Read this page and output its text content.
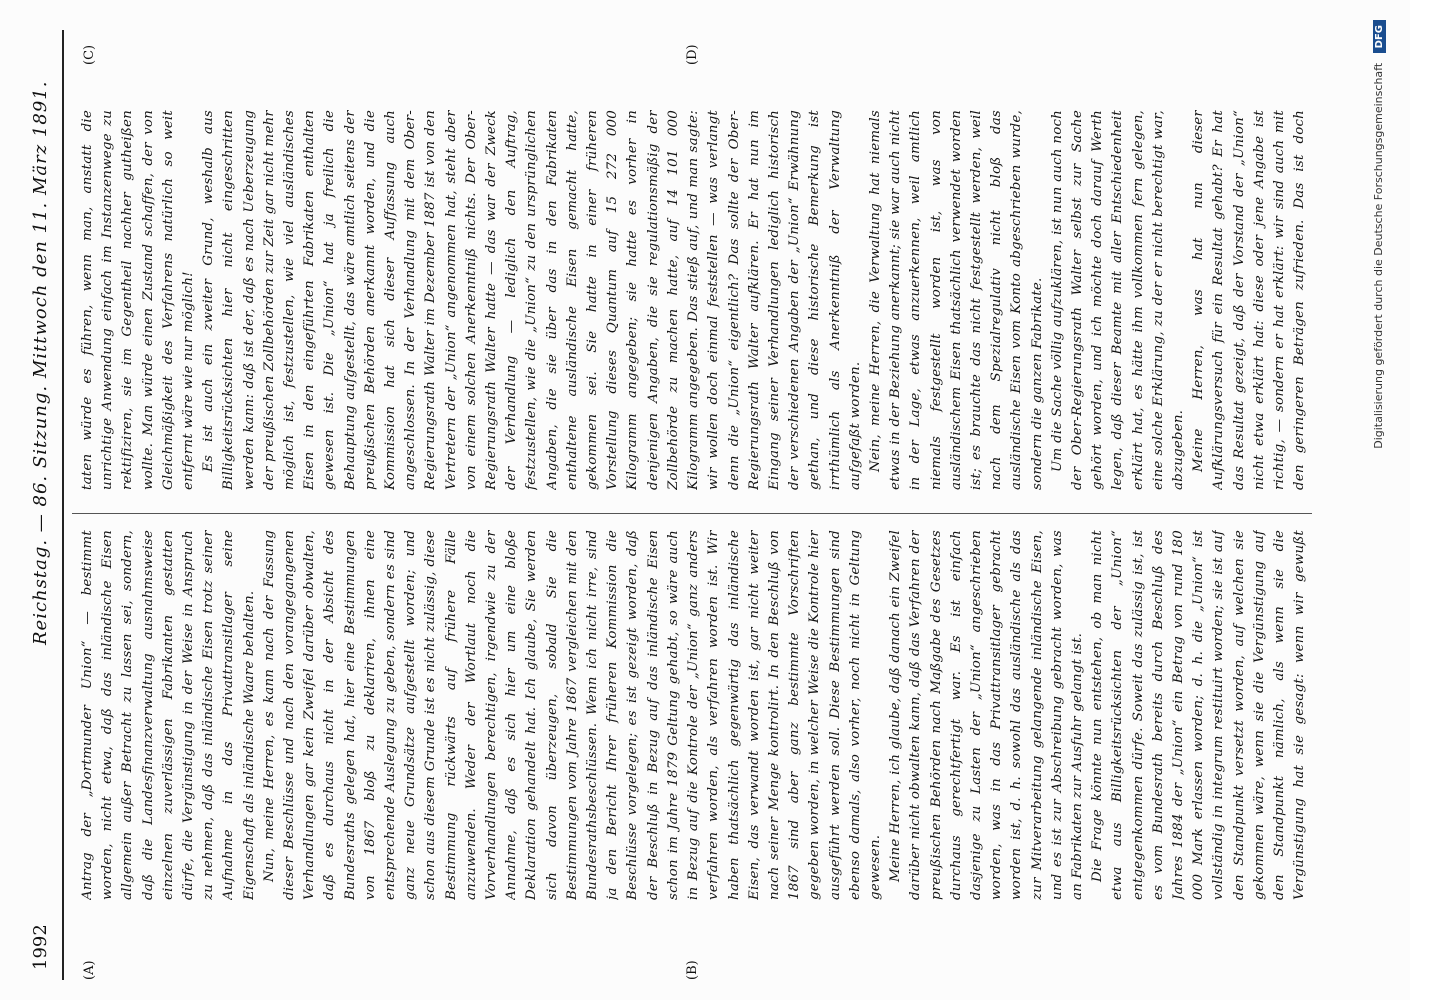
1992
Reichstag. — 86. Sitzung. Mittwoch den 11. März 1891.
(A)	(B)
(C)	(D)

Antrag der „Dortmunder Union“ — bestimmt worden, nicht etwa, daß das inländische Eisen allgemein außer Betracht zu lassen sei, sondern, daß die Landesfinanzverwaltung ausnahmsweise einzelnen zuverlässigen Fabrikanten gestatten dürfe, die Vergünstigung in der Weise in Anspruch zu nehmen, daß das inländische Eisen trotz seiner Aufnahme in das Privattransitlager seine Eigenschaft als inländische Waare behalten. Nun, meine Herren, es kann nach der Fassung dieser Beschlüsse und nach den vorangegangenen Verhandlungen gar kein Zweifel darüber obwalten, daß es durchaus nicht in der Absicht des Bundesraths gelegen hat, hier eine Bestimmungen von 1867 bloß zu deklariren, ihnen eine entsprechende Auslegung zu geben, sondern es sind ganz neue Grundsätze aufgestellt worden; und schon aus diesem Grunde ist es nicht zulässig, diese Bestimmung rückwärts auf frühere Fälle anzuwenden. Weder der Wortlaut noch die Vorverhandlungen berechtigen, irgendwie zu der Annahme, daß es sich hier um eine bloße Deklaration gehandelt hat. Ich glaube, Sie werden sich davon überzeugen, sobald Sie die Bestimmungen vom Jahre 1867 vergleichen mit den Bundesrathsbeschlüssen. Wenn ich nicht irre, sind ja den Bericht Ihrer früheren Kommission die Beschlüsse vorgelegen; es ist gezeigt worden, daß der Beschluß in Bezug auf das inländische Eisen schon im Jahre 1879 Geltung gehabt, so wäre auch in Bezug auf die Kontrole der „Union“ ganz anders verfahren worden, als verfahren worden ist. Wir haben thatsächlich gegenwärtig das inländische Eisen, das verwandt worden ist, gar nicht weiter nach seiner Menge kontrolirt. In den Beschluß von 1867 sind aber ganz bestimmte Vorschriften gegeben worden, in welcher Weise die Kontrole hier ausgeführt werden soll. Diese Bestimmungen sind ebenso damals, also vorher, noch nicht in Geltung gewesen. Meine Herren, ich glaube, daß danach ein Zweifel darüber nicht obwalten kann, daß das Verfahren der preußischen Behörden nach Maßgabe des Gesetzes durchaus gerechtfertigt war. Es ist einfach dasjenige zu Lasten der „Union“ angeschrieben worden, was in das Privattransitlager gebracht worden ist, d. h. sowohl das ausländische als das zur Mitverarbeitung gelangende inländische Eisen, und es ist zur Abschreibung gebracht worden, was an Fabrikaten zur Ausfuhr gelangt ist. Die Frage könnte nun entstehen, ob man nicht etwa aus Billigkeitsrücksichten der „Union“ entgegenkommen dürfe. Soweit das zulässig ist, ist es vom Bundesrath bereits durch Beschluß des Jahres 1884 der „Union“ ein Betrag von rund 180 000 Mark erlassen worden; d. h. die „Union“ ist vollständig in integrum restituirt worden; sie ist auf den Standpunkt versetzt worden, auf welchen sie gekommen wäre, wenn sie die Vergünstigung auf den Standpunkt nämlich, als wenn sie die Vergünstigung hat sie gesagt: wenn wir gewußt

taten würde es führen, wenn man, anstatt die unrichtige Anwendung einfach im Instanzenwege zu rektifiziren, sie im Gegentheil nachher gutheißen wollte. Man würde einen Zustand schaffen, der von Gleichmäßigkeit des Verfahrens natürlich so weit entfernt wäre wie nur möglich! Es ist auch ein zweiter Grund, weshalb aus Billigkeitsrücksichten hier nicht eingeschritten werden kann: daß ist der, daß es nach Ueberzeugung der preußischen Zollbehörden zur Zeit gar nicht mehr möglich ist, festzustellen, wie viel ausländisches Eisen in den eingeführten Fabrikaten enthalten gewesen ist. Die „Union“ hat ja freilich die Behauptung aufgestellt, das wäre amtlich seitens der preußischen Behörden anerkannt worden, und die Kommission hat sich dieser Auffassung auch angeschlossen. In der Verhandlung mit dem Ober-Regierungsrath Walter im Dezember 1887 ist von den Vertretern der „Union“ angenommen hat, steht aber von einem solchen Anerkenntniß nichts. Der Ober-Regierungsrath Walter hatte — das war der Zweck der Verhandlung — lediglich den Auftrag, festzustellen, wie die „Union“ zu den ursprünglichen Angaben, die sie über das in den Fabrikaten enthaltene ausländische Eisen gemacht hatte, gekommen sei. Sie hatte in einer früheren Vorstellung dieses Quantum auf 15 272 000 Kilogramm angegeben; sie hatte es vorher in denjenigen Angaben, die sie regulationsmäßig der Zollbehörde zu machen hatte, auf 14 101 000 Kilogramm angegeben. Das stieß auf, und man sagte: wir wollen doch einmal feststellen — was verlangt denn die „Union“ eigentlich? Das sollte der Ober-Regierungsrath Walter aufklären. Er hat nun im Eingang seiner Verhandlungen lediglich historisch der verschiedenen Angaben der „Union“ Erwähnung gethan, und diese historische Bemerkung ist irrthümlich als Anerkenntniß der Verwaltung aufgefaßt worden. Nein, meine Herren, die Verwaltung hat niemals etwas in der Beziehung anerkannt; sie war auch nicht in der Lage, etwas anzuerkennen, weil amtlich niemals festgestellt worden ist, was von ausländischem Eisen thatsächlich verwendet worden ist; es brauchte das nicht festgestellt werden, weil nach dem Spezialregulativ nicht bloß das ausländische Eisen vom Konto abgeschrieben wurde, sondern die ganzen Fabrikate. Um die Sache völlig aufzuklären, ist nun auch noch der Ober-Regierungsrath Walter selbst zur Sache gehört worden, und ich möchte doch darauf Werth legen, daß dieser Beamte mit aller Entschiedenheit erklärt hat, es hätte ihm vollkommen fern gelegen, eine solche Erklärung, zu der er nicht berechtigt war, abzugeben. Meine Herren, was hat nun dieser Aufklärungsversuch für ein Resultat gehabt? Er hat das Resultat gezeigt, daß der Vorstand der „Union“ nicht etwa erklärt hat: diese oder jene Angabe ist richtig, — sondern er hat erklärt: wir sind auch mit den geringeren Beträgen zufrieden. Das ist doch	Digitalisierung gefördert durch die Deutsche Forschungsgemeinschaft DFG
